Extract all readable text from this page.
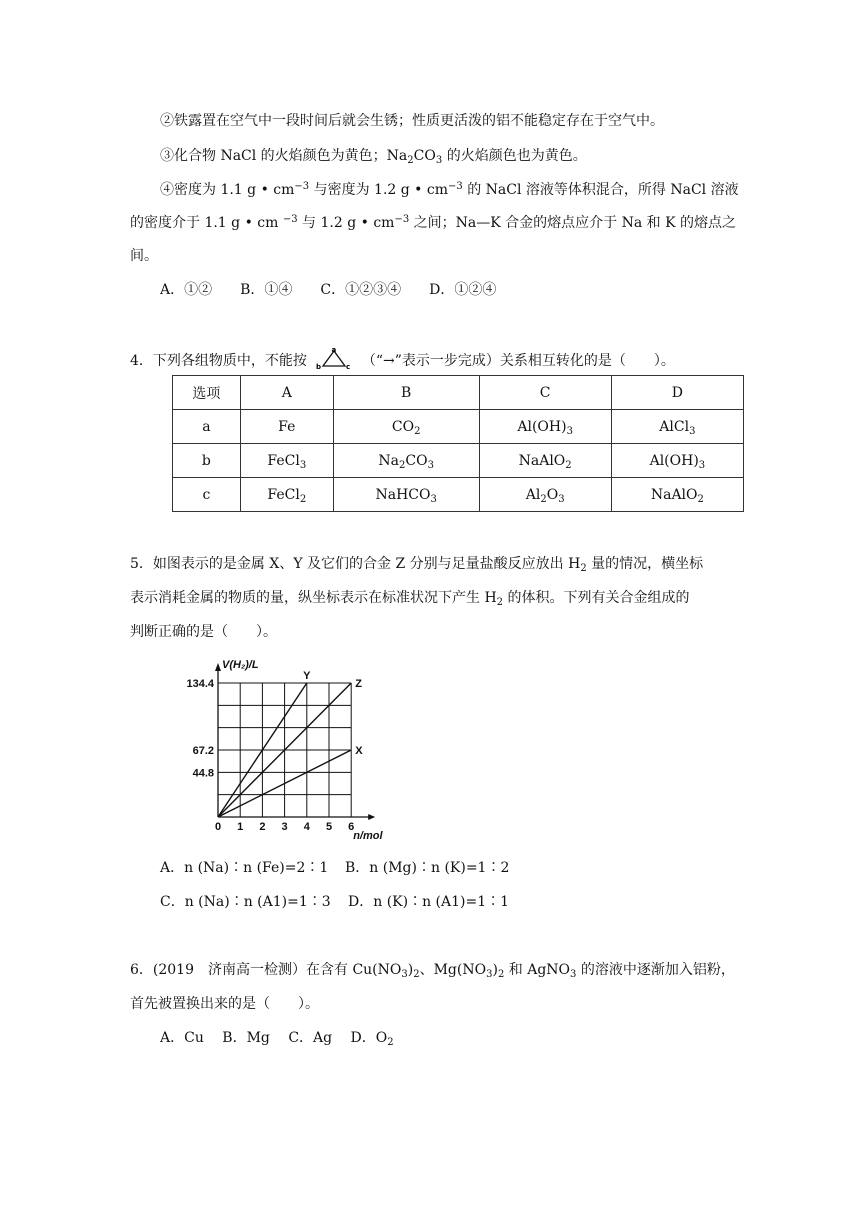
②铁露置在空气中一段时间后就会生锈；性质更活泼的铝不能稳定存在于空气中。
③化合物 NaCl 的火焰颜色为黄色；$Na_2CO_3$ 的火焰颜色也为黄色。
④密度为 1.1 g • $cm^{-3}$ 与密度为 1.2 g • $cm^{-3}$ 的 NaCl 溶液等体积混合，所得 NaCl 溶液
的密度介于 1.1 g • cm $^{-3}$ 与 1.2 g • $cm^{-3}$ 之间；Na—K 合金的熔点应介于 Na 和 K 的熔点之
间。
A．①②　　B．①④　　C．①②③④　　D．①②④
4．下列各组物质中，不能按
a
b	c （“→”表示一步完成）关系相互转化的是（　　）。
选项	A	B	C	D
a	Fe	$CO_2$	$Al(OH)_3$	AlCl$_3$
b	FeCl$_3$	$Na_2CO_3$	NaAlO$_2$	$Al(OH)_3$
c	FeCl$_2$	NaHCO$_3$	$Al_2O_3$	NaAlO$_2$
5．如图表示的是金属 X、Y 及它们的合金 Z 分别与足量盐酸反应放出 $H_2$ 量的情况，横坐标
表示消耗金属的物质的量，纵坐标表示在标准状况下产生 $H_2$ 的体积。下列有关合金组成的
判断正确的是（　　）。
44.8
67.2
134.4
0 1 2 3 4 5 6
V(H₂)/L
n/mol
Y
Z
X
A．n (Na)∶n (Fe)=2∶1 B．n (Mg)∶n (K)=1∶2
C．n (Na)∶n (A1)=1∶3 D．n (K)∶n (A1)=1∶1
6．(2019　济南高一检测）在含有 $Cu(NO_3)_2$、$Mg(NO_3)_2$ 和 AgNO$_3$ 的溶液中逐渐加入铝粉，
首先被置换出来的是（　　）。
A．Cu　 B．Mg　 C．Ag　 D．$O_2$
